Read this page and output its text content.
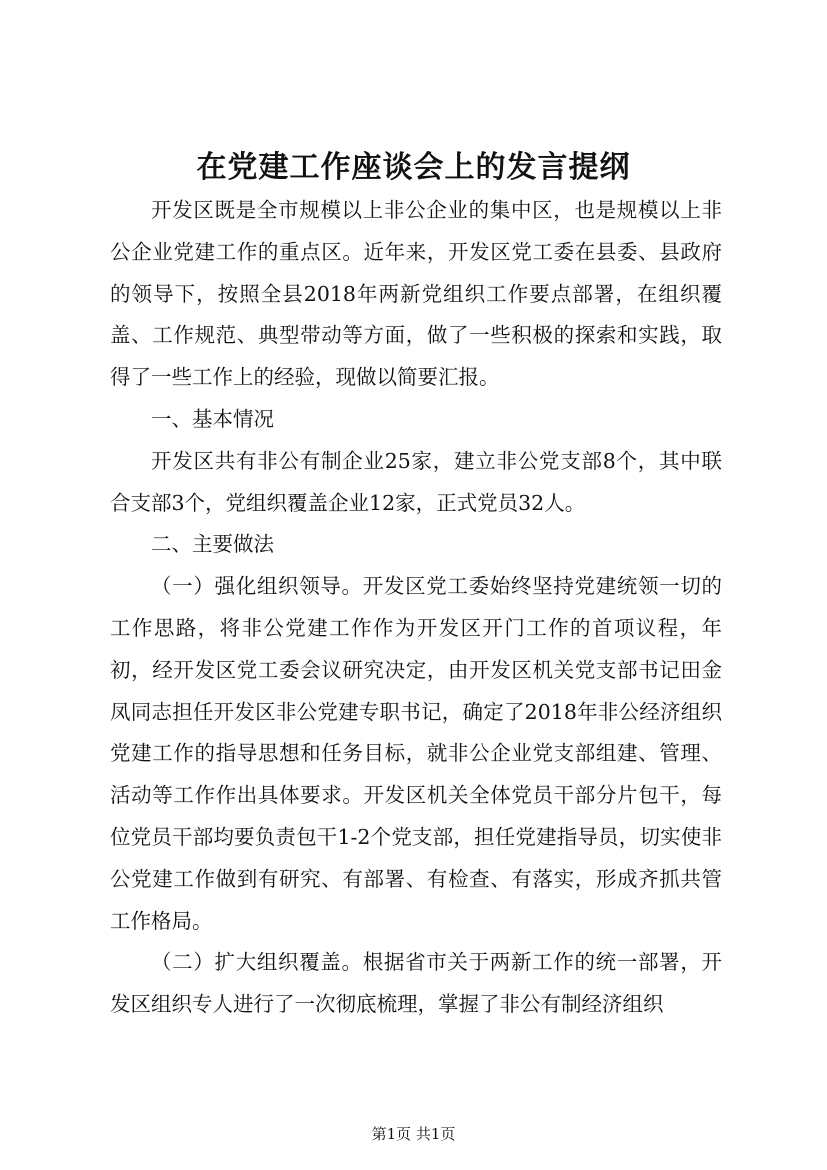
在党建工作座谈会上的发言提纲

开发区既是全市规模以上非公企业的集中区，也是规模以上非公企业党建工作的重点区。近年来，开发区党工委在县委、县政府的领导下，按照全县2018年两新党组织工作要点部署，在组织覆盖、工作规范、典型带动等方面，做了一些积极的探索和实践，取得了一些工作上的经验，现做以简要汇报。

一、基本情况

开发区共有非公有制企业25家，建立非公党支部8个，其中联合支部3个，党组织覆盖企业12家，正式党员32人。

二、主要做法

（一）强化组织领导。开发区党工委始终坚持党建统领一切的工作思路，将非公党建工作作为开发区开门工作的首项议程，年初，经开发区党工委会议研究决定，由开发区机关党支部书记田金凤同志担任开发区非公党建专职书记，确定了2018年非公经济组织党建工作的指导思想和任务目标，就非公企业党支部组建、管理、活动等工作作出具体要求。开发区机关全体党员干部分片包干，每位党员干部均要负责包干1-2个党支部，担任党建指导员，切实使非公党建工作做到有研究、有部署、有检查、有落实，形成齐抓共管工作格局。

（二）扩大组织覆盖。根据省市关于两新工作的统一部署，开发区组织专人进行了一次彻底梳理，掌握了非公有制经济组织

第1页 共1页
